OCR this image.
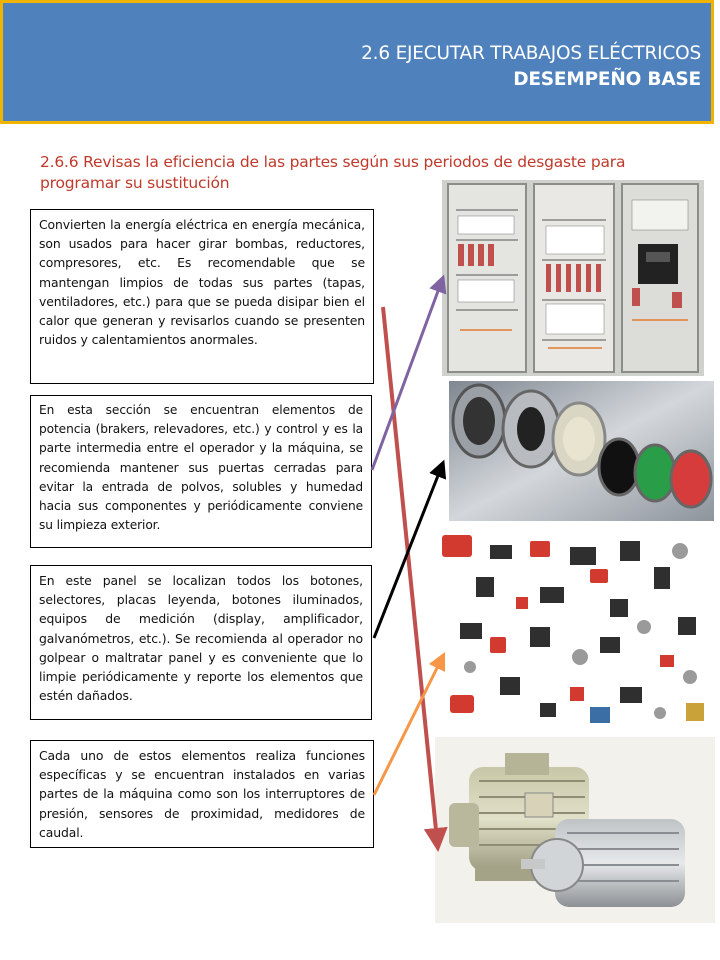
2.6 EJECUTAR TRABAJOS ELÉCTRICOS
DESEMPEÑO BASE
2.6.6 Revisas la eficiencia de las partes según sus periodos de desgaste para programar su sustitución
Convierten la energía eléctrica en energía mecánica, son usados para hacer girar bombas, reductores, compresores, etc. Es recomendable que se mantengan limpios de todas sus partes (tapas, ventiladores, etc.) para que se pueda disipar bien el calor que generan y revisarlos cuando se presenten ruidos y calentamientos anormales.
En esta sección se encuentran elementos de potencia (brakers, relevadores, etc.) y control y es la parte intermedia entre el operador y la máquina, se recomienda mantener sus puertas cerradas para evitar la entrada de polvos, solubles y humedad hacia sus componentes y periódicamente conviene su limpieza exterior.
En este panel se localizan todos los botones, selectores, placas leyenda, botones iluminados, equipos de medición (display, amplificador, galvanómetros, etc.). Se recomienda al operador no golpear o maltratar panel y es conveniente que lo limpie periódicamente y reporte los elementos que estén dañados.
Cada uno de estos elementos realiza funciones específicas y se encuentran instalados en varias partes de la máquina como son los interruptores de presión, sensores de proximidad, medidores de caudal.
